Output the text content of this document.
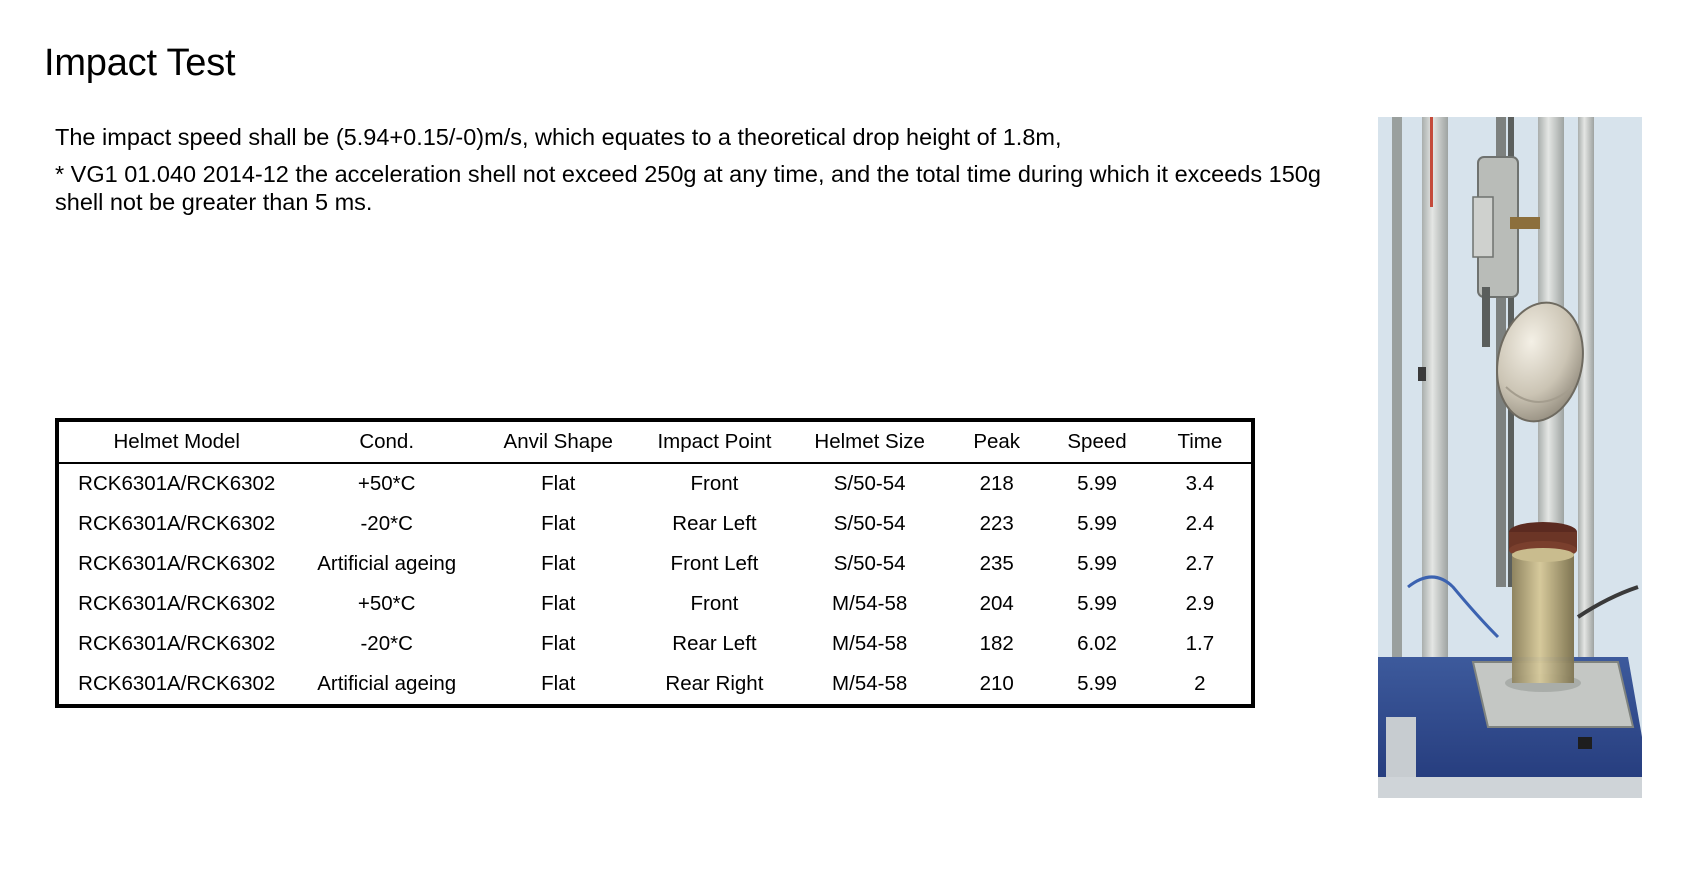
Impact Test

The impact speed shall be (5.94+0.15/-0)m/s, which equates to a theoretical drop height of 1.8m,

* VG1 01.040 2014-12 the acceleration shell not exceed 250g at any time, and the total time during which it exceeds 150g shell not be greater than 5 ms.

Helmet Model	Cond.	Anvil Shape	Impact Point	Helmet Size	Peak	Speed	Time
RCK6301A/RCK6302	+50*C	Flat	Front	S/50-54	218	5.99	3.4
RCK6301A/RCK6302	-20*C	Flat	Rear Left	S/50-54	223	5.99	2.4
RCK6301A/RCK6302	Artificial ageing	Flat	Front Left	S/50-54	235	5.99	2.7
RCK6301A/RCK6302	+50*C	Flat	Front	M/54-58	204	5.99	2.9
RCK6301A/RCK6302	-20*C	Flat	Rear Left	M/54-58	182	6.02	1.7
RCK6301A/RCK6302	Artificial ageing	Flat	Rear Right	M/54-58	210	5.99	2
